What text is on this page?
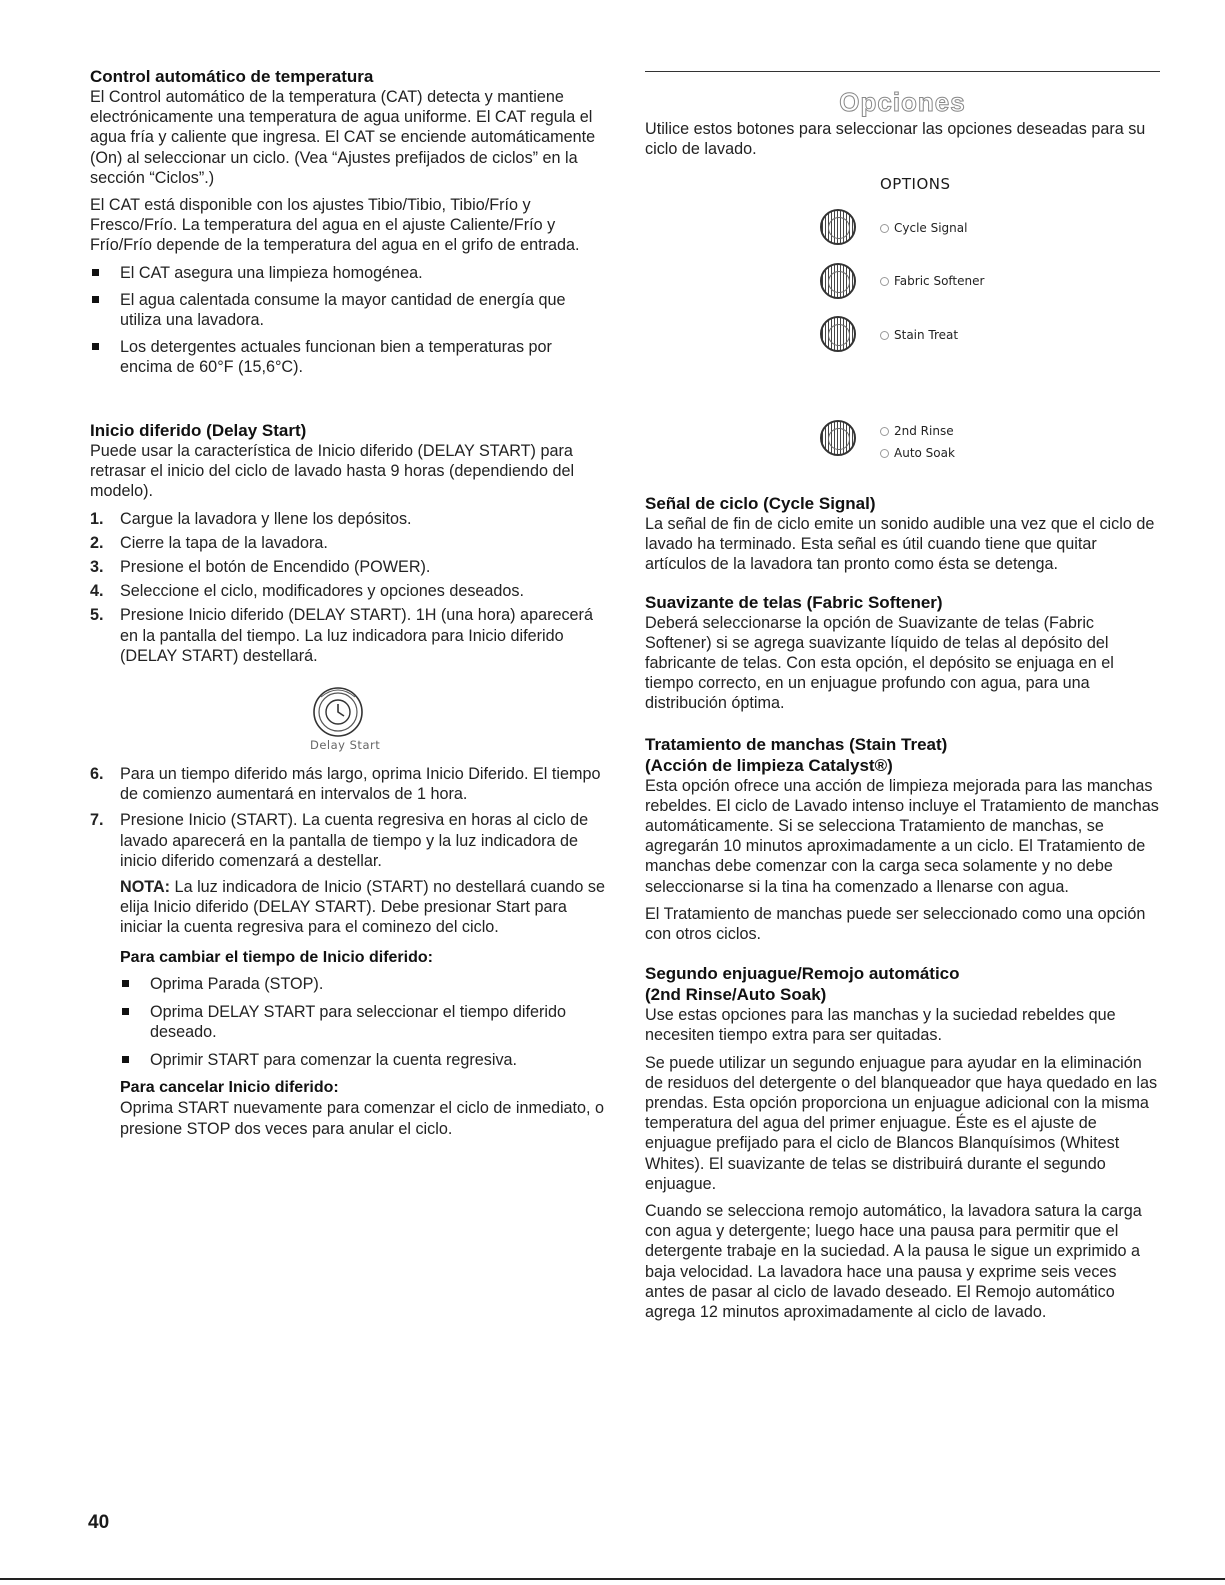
Control automático de temperatura

El Control automático de la temperatura (CAT) detecta y mantiene electrónicamente una temperatura de agua uniforme. El CAT regula el agua fría y caliente que ingresa. El CAT se enciende automáticamente (On) al seleccionar un ciclo. (Vea “Ajustes prefijados de ciclos” en la sección “Ciclos”.)

El CAT está disponible con los ajustes Tibio/Tibio, Tibio/Frío y Fresco/Frío. La temperatura del agua en el ajuste Caliente/Frío y Frío/Frío depende de la temperatura del agua en el grifo de entrada.

El CAT asegura una limpieza homogénea.
El agua calentada consume la mayor cantidad de energía que utiliza una lavadora.
Los detergentes actuales funcionan bien a temperaturas por encima de 60°F (15,6°C).

Inicio diferido (Delay Start)

Puede usar la característica de Inicio diferido (DELAY START) para retrasar el inicio del ciclo de lavado hasta 9 horas (dependiendo del modelo).

1. Cargue la lavadora y llene los depósitos.
2. Cierre la tapa de la lavadora.
3. Presione el botón de Encendido (POWER).
4. Seleccione el ciclo, modificadores y opciones deseados.
5. Presione Inicio diferido (DELAY START). 1H (una hora) aparecerá en la pantalla del tiempo. La luz indicadora para Inicio diferido (DELAY START) destellará.
6. Para un tiempo diferido más largo, oprima Inicio Diferido. El tiempo de comienzo aumentará en intervalos de 1 hora.
7. Presione Inicio (START). La cuenta regresiva en horas al ciclo de lavado aparecerá en la pantalla de tiempo y la luz indicadora de inicio diferido comenzará a destellar.

NOTA: La luz indicadora de Inicio (START) no destellará cuando se elija Inicio diferido (DELAY START). Debe presionar Start para iniciar la cuenta regresiva para el cominezo del ciclo.

Para cambiar el tiempo de Inicio diferido:

Oprima Parada (STOP).
Oprima DELAY START para seleccionar el tiempo diferido deseado.
Oprimir START para comenzar la cuenta regresiva.

Para cancelar Inicio diferido:

Oprima START nuevamente para comenzar el ciclo de inmediato, o presione STOP dos veces para anular el ciclo.

Delay Start
Opciones

Utilice estos botones para seleccionar las opciones deseadas para su ciclo de lavado.

OPTIONS
Cycle Signal
Fabric Softener
Stain Treat
2nd Rinse
Auto Soak

Señal de ciclo (Cycle Signal)

La señal de fin de ciclo emite un sonido audible una vez que el ciclo de lavado ha terminado. Esta señal es útil cuando tiene que quitar artículos de la lavadora tan pronto como ésta se detenga.

Suavizante de telas (Fabric Softener)

Deberá seleccionarse la opción de Suavizante de telas (Fabric Softener) si se agrega suavizante líquido de telas al depósito del fabricante de telas. Con esta opción, el depósito se enjuaga en el tiempo correcto, en un enjuague profundo con agua, para una distribución óptima.

Tratamiento de manchas (Stain Treat)

(Acción de limpieza Catalyst®)

Esta opción ofrece una acción de limpieza mejorada para las manchas rebeldes. El ciclo de Lavado intenso incluye el Tratamiento de manchas automáticamente. Si se selecciona Tratamiento de manchas, se agregarán 10 minutos aproximadamente a un ciclo. El Tratamiento de manchas debe comenzar con la carga seca solamente y no debe seleccionarse si la tina ha comenzado a llenarse con agua.

El Tratamiento de manchas puede ser seleccionado como una opción con otros ciclos.

Segundo enjuague/Remojo automático

(2nd Rinse/Auto Soak)

Use estas opciones para las manchas y la suciedad rebeldes que necesiten tiempo extra para ser quitadas.

Se puede utilizar un segundo enjuague para ayudar en la eliminación de residuos del detergente o del blanqueador que haya quedado en las prendas. Esta opción proporciona un enjuague adicional con la misma temperatura del agua del primer enjuague. Éste es el ajuste de enjuague prefijado para el ciclo de Blancos Blanquísimos (Whitest Whites). El suavizante de telas se distribuirá durante el segundo enjuague.

Cuando se selecciona remojo automático, la lavadora satura la carga con agua y detergente; luego hace una pausa para permitir que el detergente trabaje en la suciedad. A la pausa le sigue un exprimido a baja velocidad. La lavadora hace una pausa y exprime seis veces antes de pasar al ciclo de lavado deseado. El Remojo automático agrega 12 minutos aproximadamente al ciclo de lavado.

40
